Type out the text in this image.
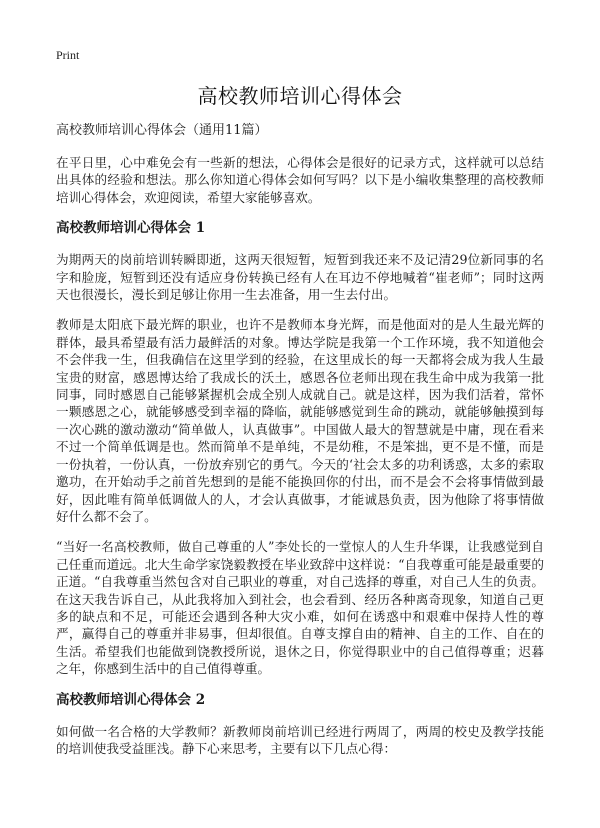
Print
高校教师培训心得体会

高校教师培训心得体会（通用11篇）

在平日里，心中难免会有一些新的想法，心得体会是很好的记录方式，这样就可以总结出具体的经验和想法。那么你知道心得体会如何写吗？以下是小编收集整理的高校教师培训心得体会，欢迎阅读，希望大家能够喜欢。

高校教师培训心得体会 1

为期两天的岗前培训转瞬即逝，这两天很短暂，短暂到我还来不及记清29位新同事的名字和脸庞，短暂到还没有适应身份转换已经有人在耳边不停地喊着“崔老师”；同时这两天也很漫长，漫长到足够让你用一生去准备，用一生去付出。

教师是太阳底下最光辉的职业，也许不是教师本身光辉，而是他面对的是人生最光辉的群体，最具希望最有活力最鲜活的对象。博达学院是我第一个工作环境，我不知道他会不会伴我一生，但我确信在这里学到的经验，在这里成长的每一天都将会成为我人生最宝贵的财富，感恩博达给了我成长的沃土，感恩各位老师出现在我生命中成为我第一批同事，同时感恩自己能够紧握机会成全别人成就自己。就是这样，因为我们活着，常怀一颗感恩之心，就能够感受到幸福的降临，就能够感觉到生命的跳动，就能够触摸到每一次心跳的激动激动“简单做人，认真做事”。中国做人最大的智慧就是中庸，现在看来不过一个简单低调是也。然而简单不是单纯，不是幼稚，不是笨拙，更不是不懂，而是一份执着，一份认真，一份放弃别它的勇气。今天的‘社会太多的功利诱惑，太多的索取邀功，在开始动手之前首先想到的是能不能换回你的付出，而不是会不会将事情做到最好，因此唯有简单低调做人的人，才会认真做事，才能诚恳负责，因为他除了将事情做好什么都不会了。

“当好一名高校教师，做自己尊重的人”李处长的一堂惊人的人生升华课，让我感觉到自己任重而道远。北大生命学家饶毅教授在毕业致辞中这样说：“自我尊重可能是最重要的正道。“自我尊重当然包含对自己职业的尊重，对自己选择的尊重，对自己人生的负责。在这天我告诉自己，从此我将加入到社会，也会看到、经历各种离奇现象，知道自己更多的缺点和不足，可能还会遇到各种大灾小难，如何在诱惑中和艰难中保持人性的尊严，赢得自己的尊重并非易事，但却很值。自尊支撑自由的精神、自主的工作、自在的生活。希望我们也能做到饶教授所说，退休之日，你觉得职业中的自己值得尊重；迟暮之年，你感到生活中的自己值得尊重。

高校教师培训心得体会 2

如何做一名合格的大学教师？新教师岗前培训已经进行两周了，两周的校史及教学技能的培训使我受益匪浅。静下心来思考，主要有以下几点心得：
